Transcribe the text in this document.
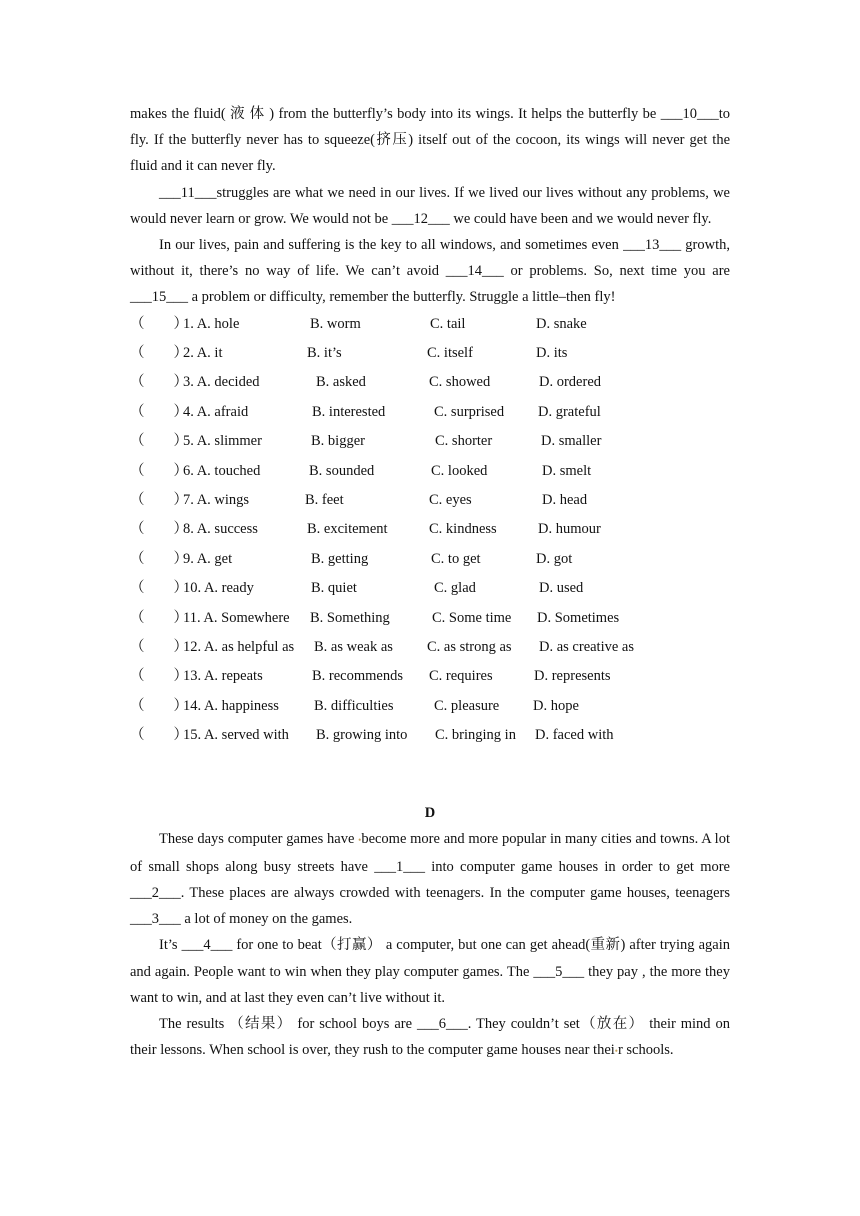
makes the fluid( 液 体 ) from the butterfly’s body into its wings. It helps the butterfly be ___10___to fly. If the butterfly never has to squeeze(挤压) itself out of the cocoon, its wings will never get the fluid and it can never fly.

___11___struggles are what we need in our lives. If we lived our lives without any problems, we would never learn or grow. We would not be ___12___ we could have been and we would never fly.

In our lives, pain and suffering is the key to all windows, and sometimes even ___13___ growth, without it, there’s no way of life. We can’t avoid ___14___ or problems. So, next time you are ___15___ a problem or difficulty, remember the butterfly. Struggle a little–then fly!

（　　）
1. A. hole	B. worm	C. tail	D. snake
（　　）
2. A. it	B. it’s	C. itself	D. its
（　　）
3. A. decided	B. asked	C. showed	D. ordered
（　　）
4. A. afraid	B. interested	C. surprised D. grateful
（　　）
5. A. slimmer	B. bigger	C. shorter	D. smaller
（　　）
6. A. touched	B. sounded	C. looked	D. smelt
（　　）
7. A. wings	B. feet	C. eyes	D. head
（　　）
8. A. success	B. excitement	C. kindness	D. humour
（　　）
9. A. get	B. getting	C. to get	D. got
（　　）
10. A. ready	B. quiet	C. glad	D. used
（　　）
11. A. Somewhere B. Something	C. Some time D. Sometimes
（　　）
12. A. as helpful as B. as weak as C. as strong as D. as creative as
（　　）
13. A. repeats	B. recommends C. requires	D. represents
（　　）
14. A. happiness B. difficulties	C. pleasure D. hope
（　　）
15. A. served with B. growing into C. bringing in D. faced with

D

These days computer games have •become more and more popular in many cities and towns. A lot of small shops along busy streets have ___1___ into computer game houses in order to get more ___2___. These places are always crowded with teenagers. In the computer game houses, teenagers ___3___ a lot of money on the games.

It’s ___4___ for one to beat（打赢） a computer, but one can get ahead(重新) after trying again and again. People want to win when they play computer games. The ___5___ they pay , the more they want to win, and at last they even can’t live without it.

The results （结果） for school boys are ___6___. They couldn’t set（放在） their mind on their lessons. When school is over, they rush to the computer game houses near thei•r schools.
